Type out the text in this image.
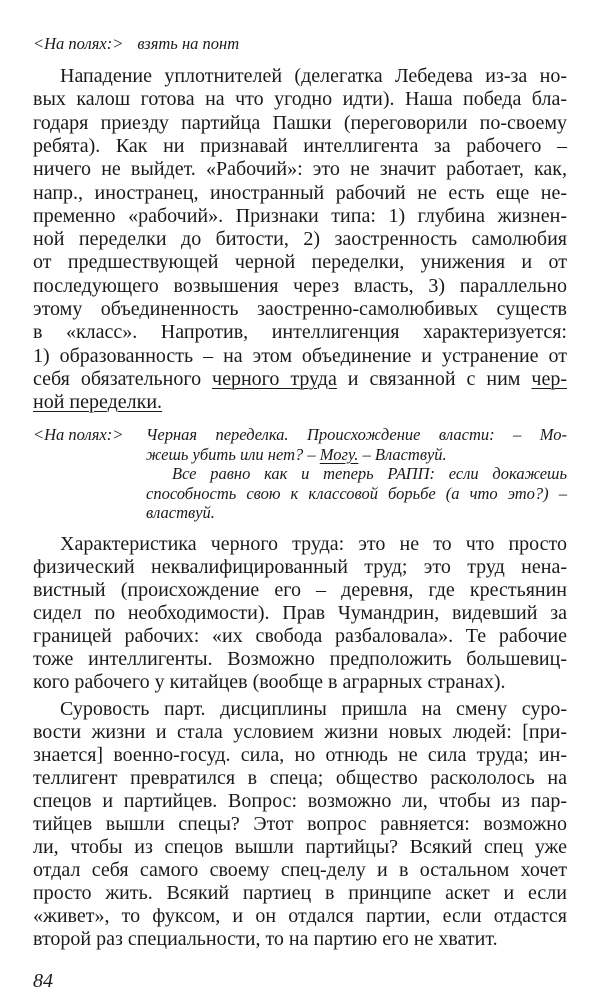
<На полях:> взять на понт
Нападение уплотнителей (делегатка Лебедева из-за но-
вых калош готова на что угодно идти). Наша победа бла-
годаря приезду партийца Пашки (переговорили по-своему
ребята). Как ни признавай интеллигента за рабочего –
ничего не выйдет. «Рабочий»: это не значит работает, как,
напр., иностранец, иностранный рабочий не есть еще не-
пременно «рабочий». Признаки типа: 1) глубина жизнен-
ной переделки до битости, 2) заостренность самолюбия
от предшествующей черной переделки, унижения и от
последующего возвышения через власть, 3) параллельно
этому объединенность заостренно-самолюбивых существ
в «класс». Напротив, интеллигенция характеризуется:
1) образованность – на этом объединение и устранение от
себя обязательного черного труда и связанной с ним чер-
ной переделки.
<На полях:> Черная переделка. Происхождение власти: – Мо-
жешь убить или нет? – Могу. – Властвуй.
Все равно как и теперь РАПП: если докажешь
способность свою к классовой борьбе (а что это?) –
властвуй.
Характеристика черного труда: это не то что просто
физический неквалифицированный труд; это труд нена-
вистный (происхождение его – деревня, где крестьянин
сидел по необходимости). Прав Чумандрин, видевший за
границей рабочих: «их свобода разбаловала». Те рабочие
тоже интеллигенты. Возможно предположить большевиц-
кого рабочего у китайцев (вообще в аграрных странах).
Суровость парт. дисциплины пришла на смену суро-
вости жизни и стала условием жизни новых людей: [при-
знается] военно-госуд. сила, но отнюдь не сила труда; ин-
теллигент превратился в спеца; общество раскололось на
спецов и партийцев. Вопрос: возможно ли, чтобы из пар-
тийцев вышли спецы? Этот вопрос равняется: возможно
ли, чтобы из спецов вышли партийцы? Всякий спец уже
отдал себя самого своему спец-делу и в остальном хочет
просто жить. Всякий партиец в принципе аскет и если
«живет», то фуксом, и он отдался партии, если отдастся
второй раз специальности, то на партию его не хватит.
84
